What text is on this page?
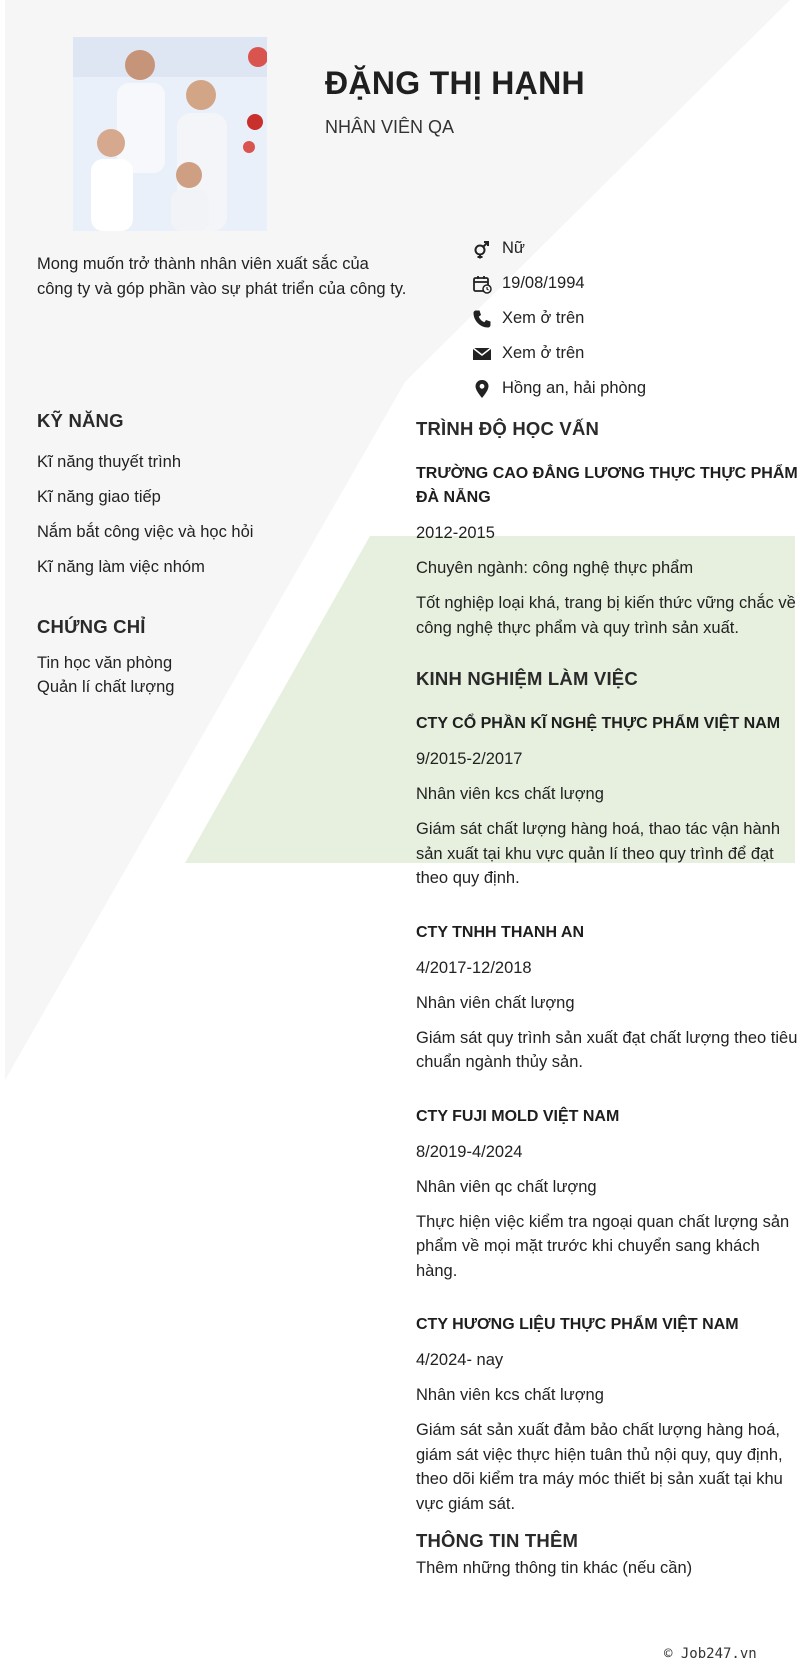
ĐẶNG THỊ HẠNH
NHÂN VIÊN QA
Mong muốn trở thành nhân viên xuất sắc của công ty và góp phần vào sự phát triển của công ty.
Nữ
19/08/1994
Xem ở trên
Xem ở trên
Hồng an, hải phòng
KỸ NĂNG
Kĩ năng thuyết trình
Kĩ năng giao tiếp
Nắm bắt công việc và học hỏi
Kĩ năng làm việc nhóm
CHỨNG CHỈ
Tin học văn phòng
Quản lí chất lượng
TRÌNH ĐỘ HỌC VẤN
TRƯỜNG CAO ĐẲNG LƯƠNG THỰC THỰC PHẨM ĐÀ NẴNG
2012-2015
Chuyên ngành: công nghệ thực phẩm
Tốt nghiệp loại khá, trang bị kiến thức vững chắc về công nghệ thực phẩm và quy trình sản xuất.
KINH NGHIỆM LÀM VIỆC
CTY CỔ PHẦN KĨ NGHỆ THỰC PHẨM VIỆT NAM
9/2015-2/2017
Nhân viên kcs chất lượng
Giám sát chất lượng hàng hoá, thao tác vận hành sản xuất tại khu vực quản lí theo quy trình để đạt theo quy định.
CTY TNHH THANH AN
4/2017-12/2018
Nhân viên chất lượng
Giám sát quy trình sản xuất đạt chất lượng theo tiêu chuẩn ngành thủy sản.
CTY FUJI MOLD VIỆT NAM
8/2019-4/2024
Nhân viên qc chất lượng
Thực hiện việc kiểm tra ngoại quan chất lượng sản phẩm về mọi mặt trước khi chuyển sang khách hàng.
CTY HƯƠNG LIỆU THỰC PHẨM VIỆT NAM
4/2024- nay
Nhân viên kcs chất lượng
Giám sát sản xuất đảm bảo chất lượng hàng hoá, giám sát việc thực hiện tuân thủ nội quy, quy định, theo dõi kiểm tra máy móc thiết bị sản xuất tại khu vực giám sát.
THÔNG TIN THÊM
Thêm những thông tin khác (nếu cần)
© Job247.vn
